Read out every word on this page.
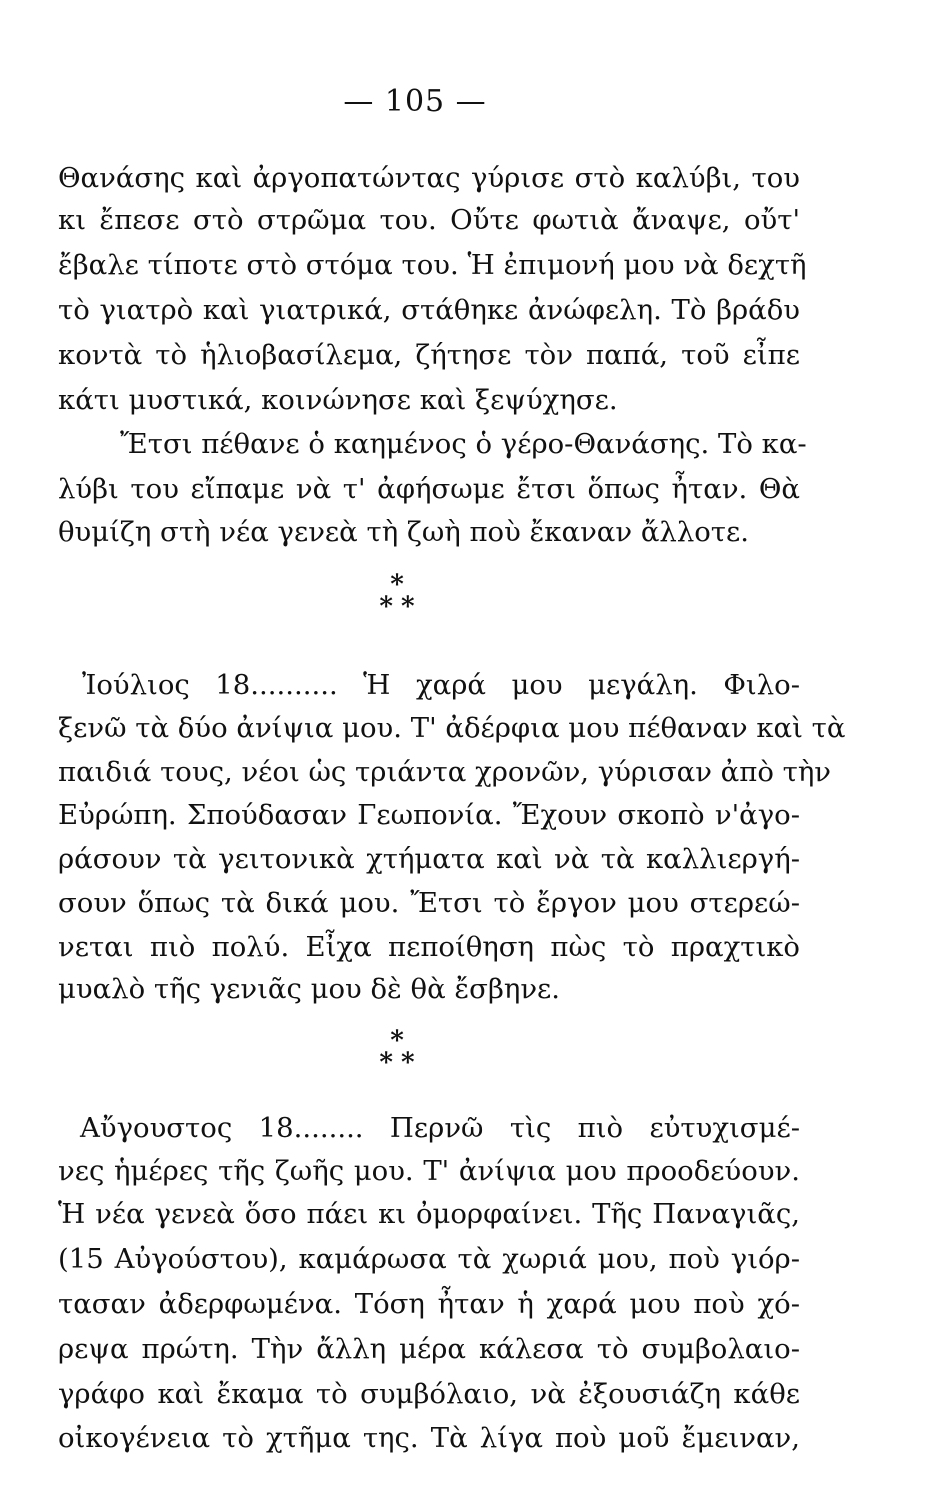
— 105 —
Θανάσης καὶ ἀργοπατώντας γύρισε στὸ καλύβι, του
κι ἔπεσε στὸ στρῶμα του. Οὔτε φωτιὰ ἄναψε, οὔτ'
ἔβαλε τίποτε στὸ στόμα του. Ἡ ἐπιμονή μου νὰ δεχτῆ
τὸ γιατρὸ καὶ γιατρικά, στάθηκε ἀνώφελη. Τὸ βράδυ
κοντὰ τὸ ἡλιοβασίλεμα, ζήτησε τὸν παπά, τοῦ εἶπε
κάτι μυστικά, κοινώνησε καὶ ξεψύχησε.
Ἔτσι πέθανε ὁ καημένος ὁ γέρο-Θανάσης. Τὸ κα-
λύβι του εἴπαμε νὰ τ' ἀφήσωμε ἔτσι ὅπως ἦταν. Θὰ
θυμίζη στὴ νέα γενεὰ τὴ ζωὴ ποὺ ἔκαναν ἄλλοτε.
*
**
Ἰούλιος 18.......... Ἡ χαρά μου μεγάλη. Φιλο-
ξενῶ τὰ δύο ἀνίψια μου. Τ' ἀδέρφια μου πέθαναν καὶ τὰ
παιδιά τους, νέοι ὡς τριάντα χρονῶν, γύρισαν ἀπὸ τὴν
Εὐρώπη. Σπούδασαν Γεωπονία. Ἔχουν σκοπὸ ν'ἀγο-
ράσουν τὰ γειτονικὰ χτήματα καὶ νὰ τὰ καλλιεργή-
σουν ὅπως τὰ δικά μου. Ἔτσι τὸ ἔργον μου στερεώ-
νεται πιὸ πολύ. Εἶχα πεποίθηση πὼς τὸ πραχτικὸ
μυαλὸ τῆς γενιᾶς μου δὲ θὰ ἔσβηνε.
*
**
Αὔγουστος 18........ Περνῶ τὶς πιὸ εὐτυχισμέ-
νες ἡμέρες τῆς ζωῆς μου. Τ' ἀνίψια μου προοδεύουν.
Ἡ νέα γενεὰ ὅσο πάει κι ὀμορφαίνει. Τῆς Παναγιᾶς,
(15 Αὐγούστου), καμάρωσα τὰ χωριά μου, ποὺ γιόρ-
τασαν ἀδερφωμένα. Τόση ἦταν ἡ χαρά μου ποὺ χό-
ρεψα πρώτη. Τὴν ἄλλη μέρα κάλεσα τὸ συμβολαιο-
γράφο καὶ ἔκαμα τὸ συμβόλαιο, νὰ ἐξουσιάζη κάθε
οἰκογένεια τὸ χτῆμα της. Τὰ λίγα ποὺ μοῦ ἔμειναν,
